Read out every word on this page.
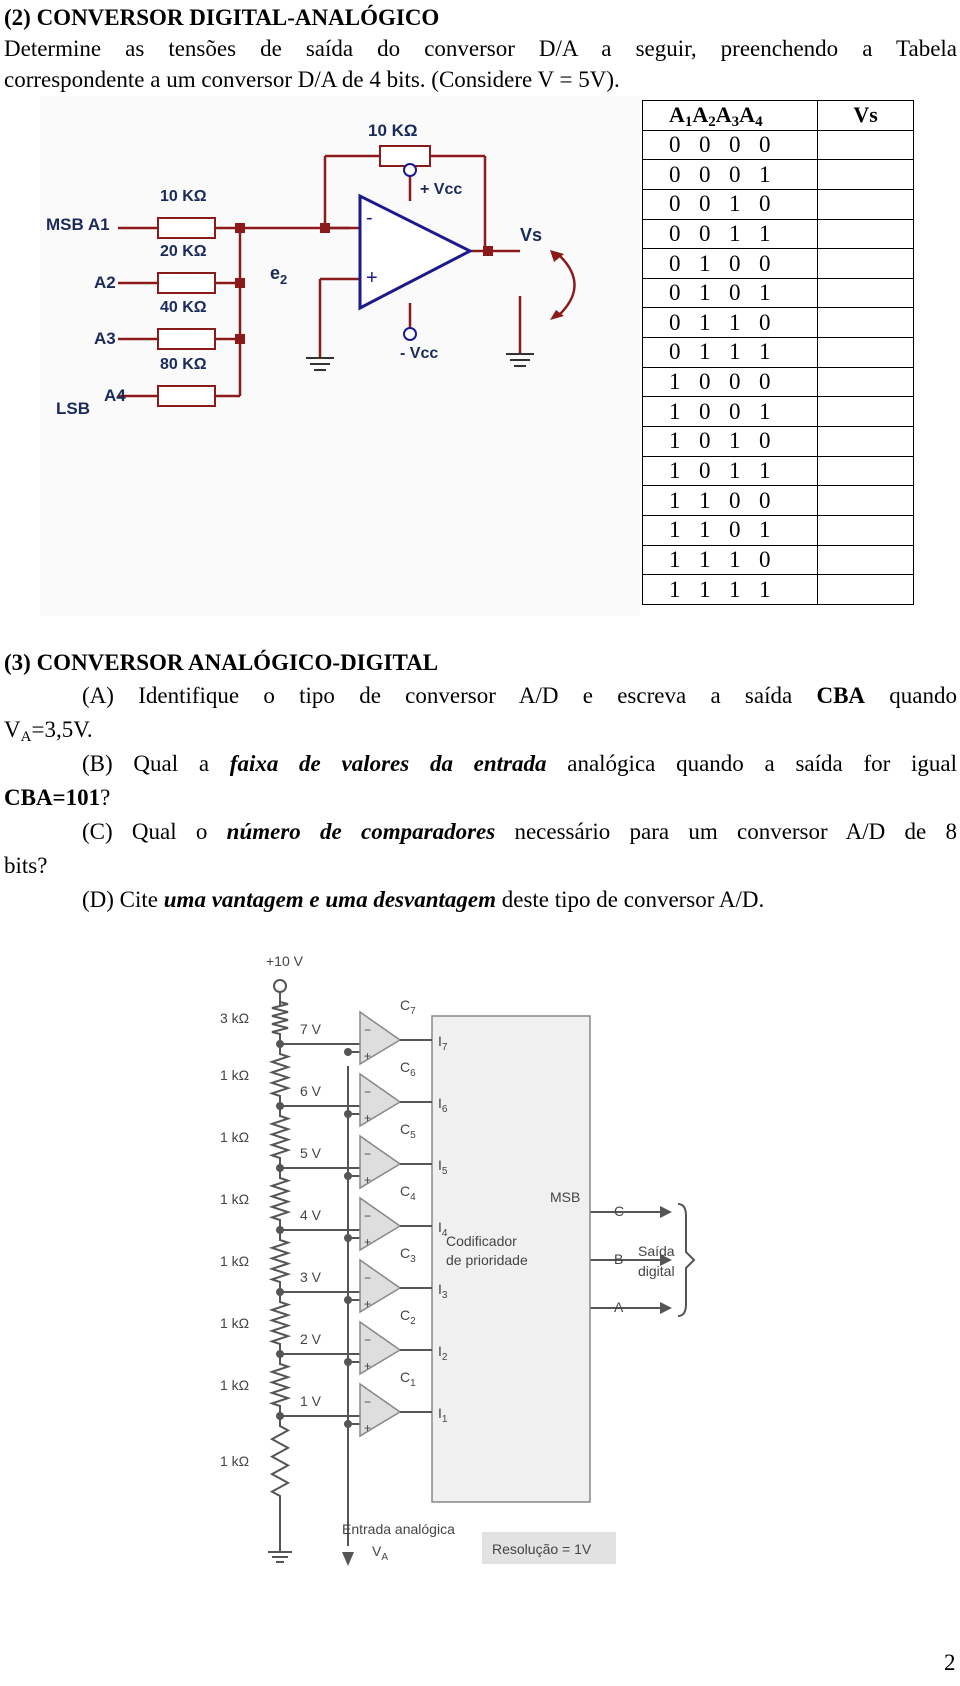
(2) CONVERSOR DIGITAL-ANALÓGICO
Determine as tensões de saída do conversor D/A a seguir, preenchendo a Tabela
correspondente a um conversor D/A de 4 bits. (Considere V = 5V).
-
+
10 KΩ
+ Vcc
- Vcc
Vs
$e_2$
10 KΩ
20 KΩ
40 KΩ
80 KΩ
MSB A1
A2
A3
A4
LSB
$A_1A_2A_3A_4$	Vs
0 0 0 0	
0 0 0 1	
0 0 1 0	
0 0 1 1	
0 1 0 0	
0 1 0 1	
0 1 1 0	
0 1 1 1	
1 0 0 0	
1 0 0 1	
1 0 1 0	
1 0 1 1	
1 1 0 0	
1 1 0 1	
1 1 1 0	
1 1 1 1	
(3) CONVERSOR ANALÓGICO-DIGITAL
(A) Identifique o tipo de conversor A/D e escreva a saída CBA quando
$V_A=3,5V$.
(B) Qual a faixa de valores da entrada analógica quando a saída for igual
CBA=101?
(C) Qual o número de comparadores necessário para um conversor A/D de 8
bits?
(D) Cite uma vantagem e uma desvantagem deste tipo de conversor A/D.
3 kΩ
1 kΩ
1 kΩ
1 kΩ
1 kΩ
1 kΩ
1 kΩ
1 kΩ
−
+
7 V
$C_7$
$I_7$
−
+
6 V
$C_6$
$I_6$
−
+
5 V
$C_5$
$I_5$
−
+
4 V
$C_4$
$I_4$
−
+
3 V
$C_3$
$I_3$
−
+
2 V
$C_2$
$I_2$
−
+
1 V
$C_1$
$I_1$
+10 V
Codificador
de prioridade
MSB
C
B
A
Saída
digital
Entrada analógica
$V_A$
Resolução = 1V
2
